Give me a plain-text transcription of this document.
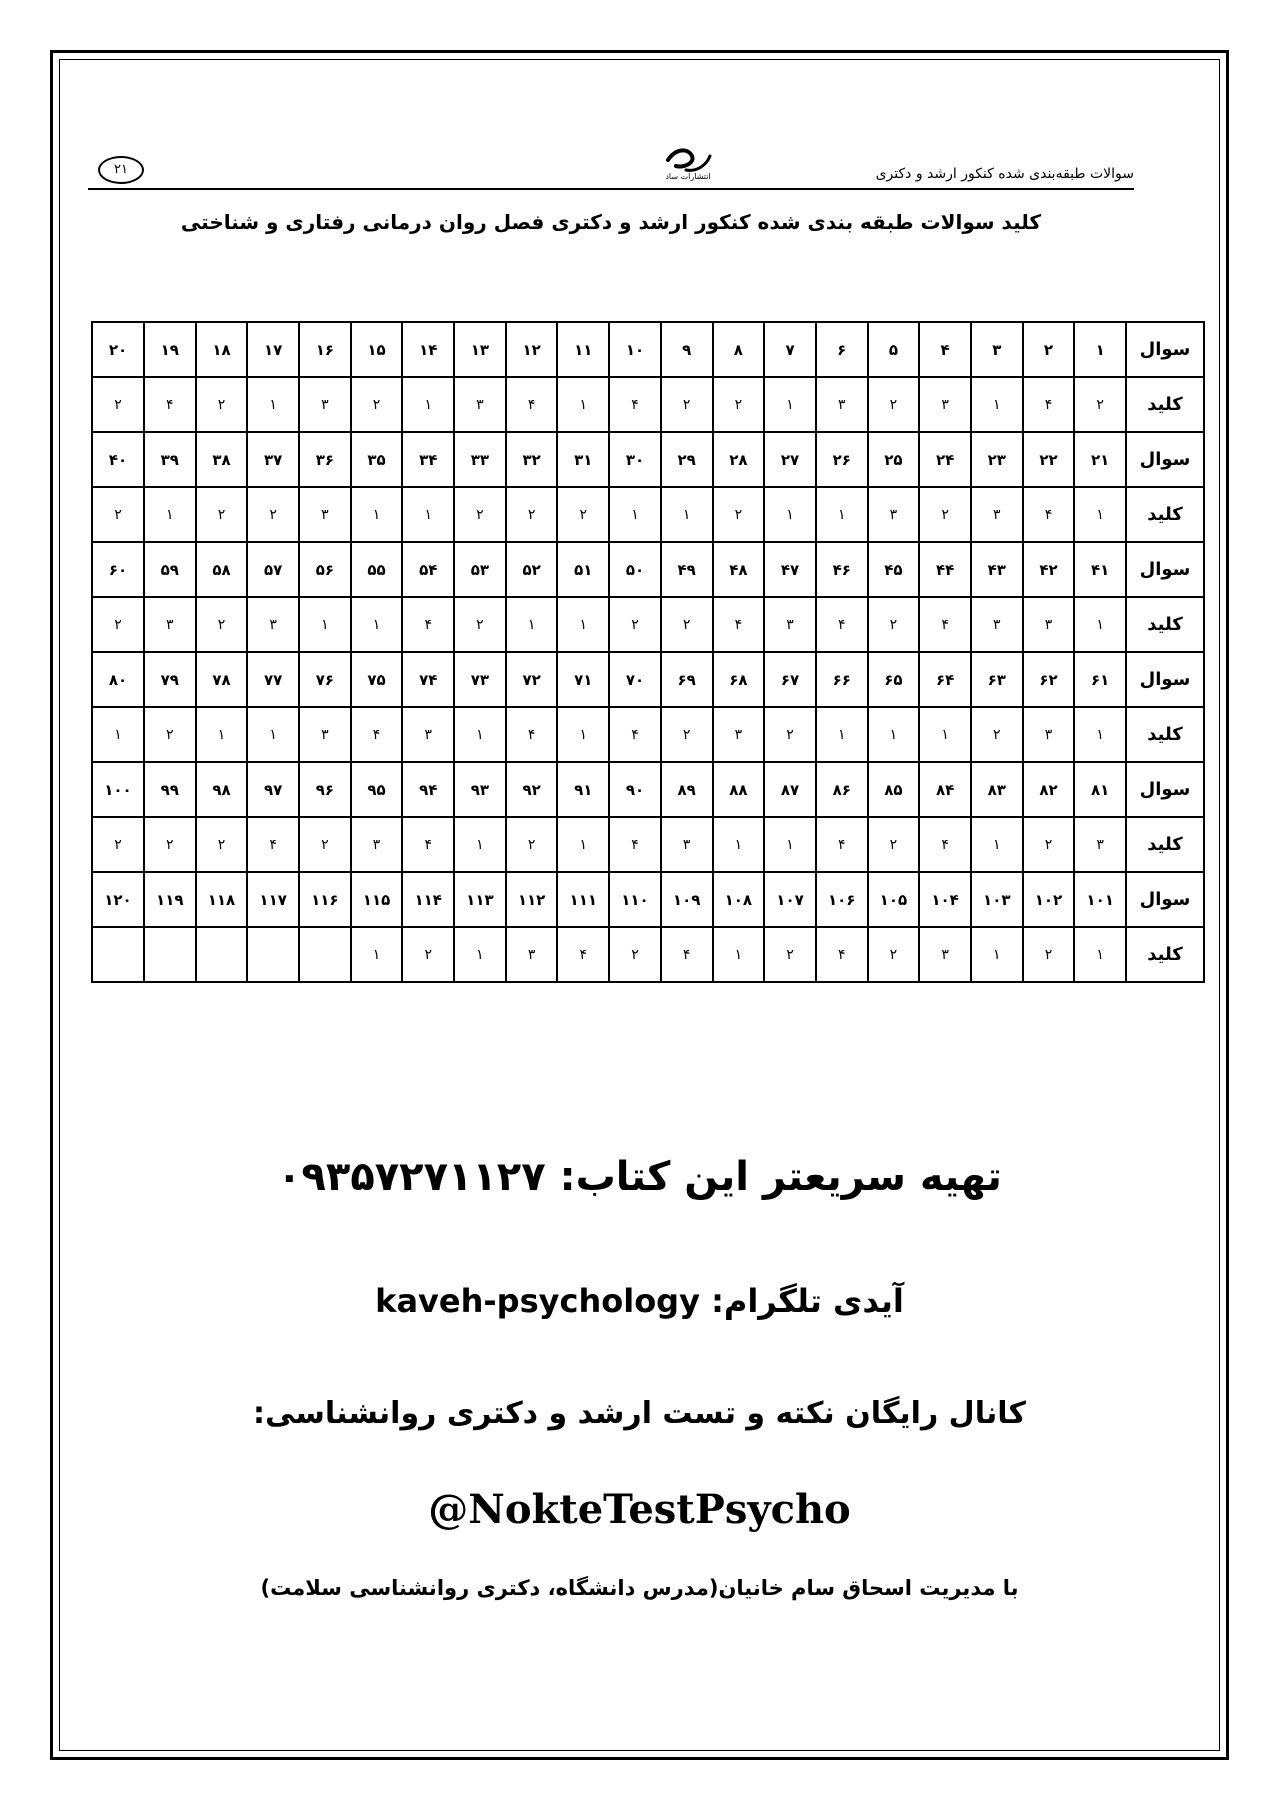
سوالات طبقه‌بندی شده کنکور ارشد و دکتری
انتشارات ساد
۲۱
کلید سوالات طبقه بندی شده کنکور ارشد و دکتری فصل روان درمانی رفتاری و شناختی
سوال	۱	۲	۳	۴	۵	۶	۷	۸	۹	۱۰	۱۱	۱۲	۱۳	۱۴	۱۵	۱۶	۱۷	۱۸	۱۹	۲۰
کلید	۲	۴	۱	۳	۲	۳	۱	۲	۲	۴	۱	۴	۳	۱	۲	۳	۱	۲	۴	۲
سوال	۲۱	۲۲	۲۳	۲۴	۲۵	۲۶	۲۷	۲۸	۲۹	۳۰	۳۱	۳۲	۳۳	۳۴	۳۵	۳۶	۳۷	۳۸	۳۹	۴۰
کلید	۱	۴	۳	۲	۳	۱	۱	۲	۱	۱	۲	۲	۲	۱	۱	۳	۲	۲	۱	۲
سوال	۴۱	۴۲	۴۳	۴۴	۴۵	۴۶	۴۷	۴۸	۴۹	۵۰	۵۱	۵۲	۵۳	۵۴	۵۵	۵۶	۵۷	۵۸	۵۹	۶۰
کلید	۱	۳	۳	۴	۲	۴	۳	۴	۲	۲	۱	۱	۲	۴	۱	۱	۳	۲	۳	۲
سوال	۶۱	۶۲	۶۳	۶۴	۶۵	۶۶	۶۷	۶۸	۶۹	۷۰	۷۱	۷۲	۷۳	۷۴	۷۵	۷۶	۷۷	۷۸	۷۹	۸۰
کلید	۱	۳	۲	۱	۱	۱	۲	۳	۲	۴	۱	۴	۱	۳	۴	۳	۱	۱	۲	۱
سوال	۸۱	۸۲	۸۳	۸۴	۸۵	۸۶	۸۷	۸۸	۸۹	۹۰	۹۱	۹۲	۹۳	۹۴	۹۵	۹۶	۹۷	۹۸	۹۹	۱۰۰
کلید	۳	۲	۱	۴	۲	۴	۱	۱	۳	۴	۱	۲	۱	۴	۳	۲	۴	۲	۲	۲
سوال	۱۰۱	۱۰۲	۱۰۳	۱۰۴	۱۰۵	۱۰۶	۱۰۷	۱۰۸	۱۰۹	۱۱۰	۱۱۱	۱۱۲	۱۱۳	۱۱۴	۱۱۵	۱۱۶	۱۱۷	۱۱۸	۱۱۹	۱۲۰
کلید	۱	۲	۱	۳	۲	۴	۲	۱	۴	۲	۴	۳	۱	۲	۱					
تهیه سریعتر این کتاب: ۰۹۳۵۷۲۷۱۱۲۷
آیدی تلگرام: kaveh-psychology
کانال رایگان نکته و تست ارشد و دکتری روانشناسی:
@NokteTestPsycho
با مدیریت اسحاق سام خانیان(مدرس دانشگاه، دکتری روانشناسی سلامت)
